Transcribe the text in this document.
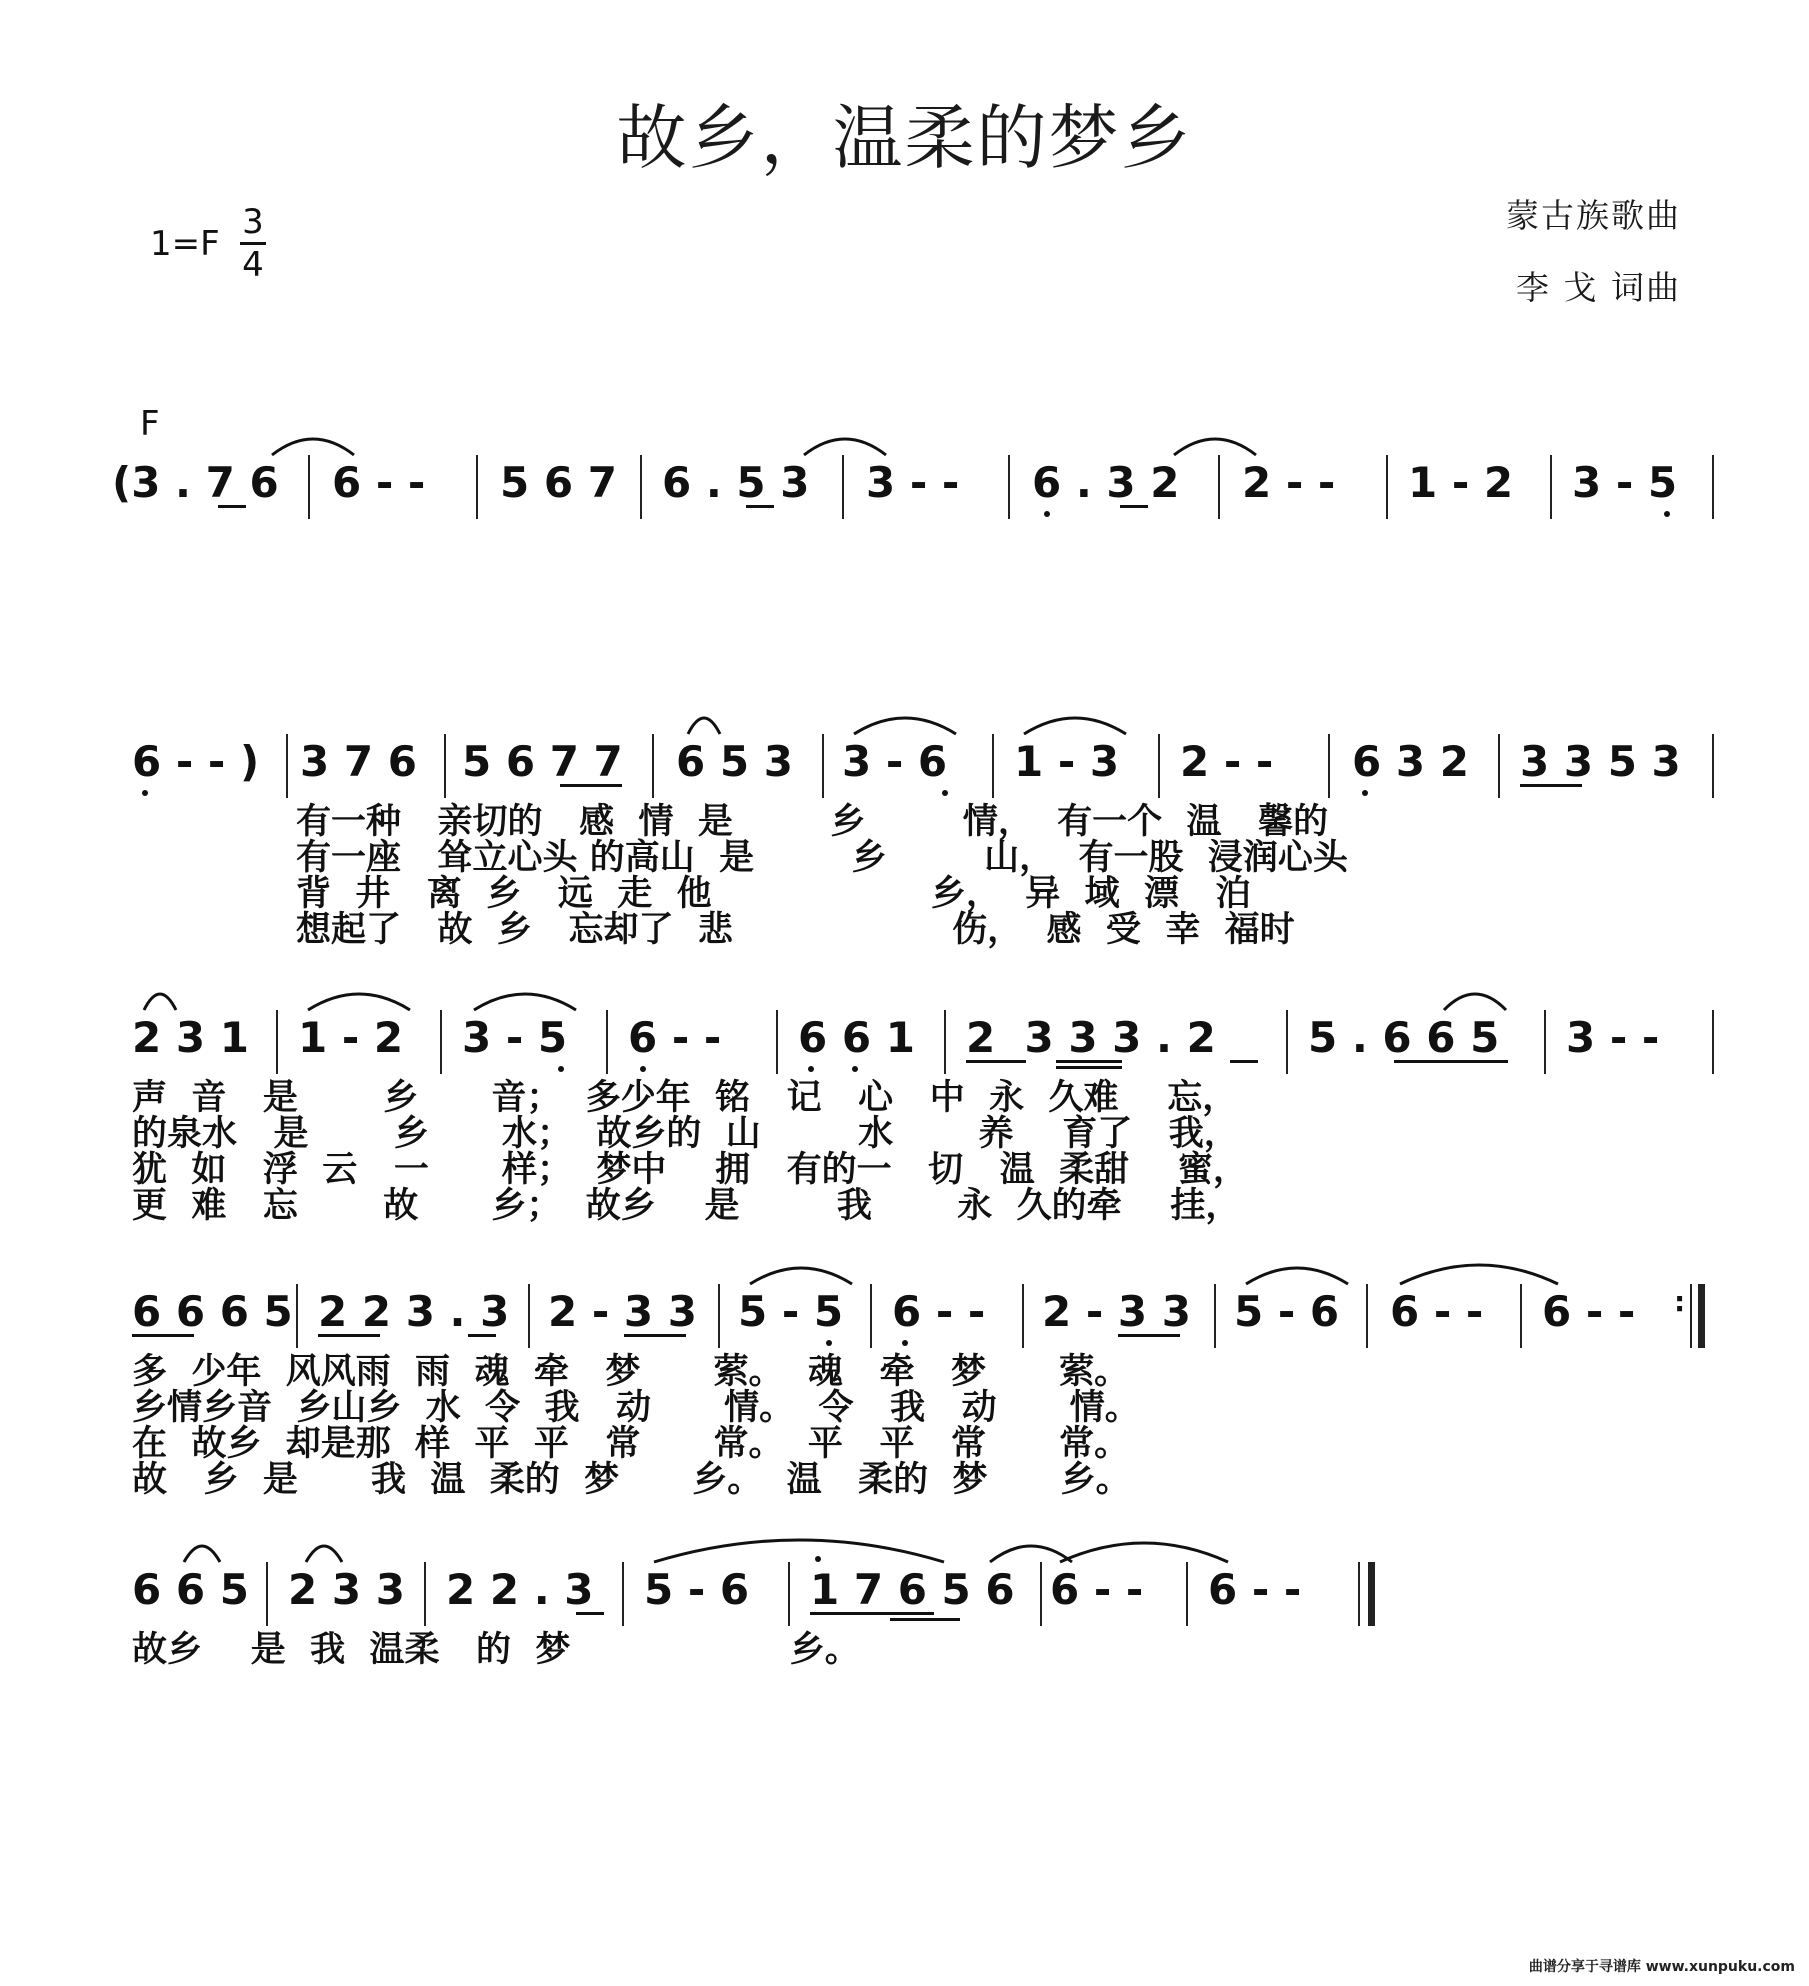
故乡，温柔的梦乡
蒙古族歌曲
李 戈 词曲
1=F
3
4
F
(3 . 7 6 6 - - 5 6 7 6 . 5 3 3 - - 6 . 3 2 2 - - 1 - 2 3 - 5
6 - - ) 3 7 6 5 6 7 7 6 5 3 3 - 6 1 - 3 2 - - 6 3 2 3 3 5 3
有一种   亲切的   感  情  是        乡        情，  有一个  温   馨的
有一座   耸立心头 的高山  是        乡        山，  有一股  浸润心头
背  井   离  乡   远  走  他                  乡，  异  域  漂   泊
想起了   故  乡   忘却了  悲                  伤，  感  受  幸  福时
2 3 1 1 - 2 3 - 5 6 - - 6 6 1 2  3 3 3 . 2 5 . 6 6 5 3 - -
声  音   是       乡      音；  多少年  铭   记   心   中  永  久难    忘，
的泉水   是       乡      水；  故乡的  山        水       养    育了   我，
犹  如   浮  云   一      样；  梦中    拥   有的一   切   温  柔甜    蜜，
更  难   忘       故      乡；  故乡    是        我       永  久的牵    挂，
6 6 6 5 2 2 3 . 3 2 - 3 3 5 - 5 6 - - 2 - 3 3 5 - 6 6 - - 6 - - :
多  少年  风风雨  雨  魂  牵   梦      萦。  魂   牵   梦      萦。
乡情乡音  乡山乡  水  令  我   动      情。  令   我   动      情。
在  故乡  却是那  样  平  平   常      常。  平   平   常      常。
故   乡  是      我  温  柔的  梦      乡。  温   柔的  梦      乡。
6 6 5 2 3 3 2 2 . 3 5 - 6 1 7 6 5 6 6 - - 6 - -
故乡    是  我  温柔   的  梦                  乡。
曲谱分享于寻谱库 www.xunpuku.com
